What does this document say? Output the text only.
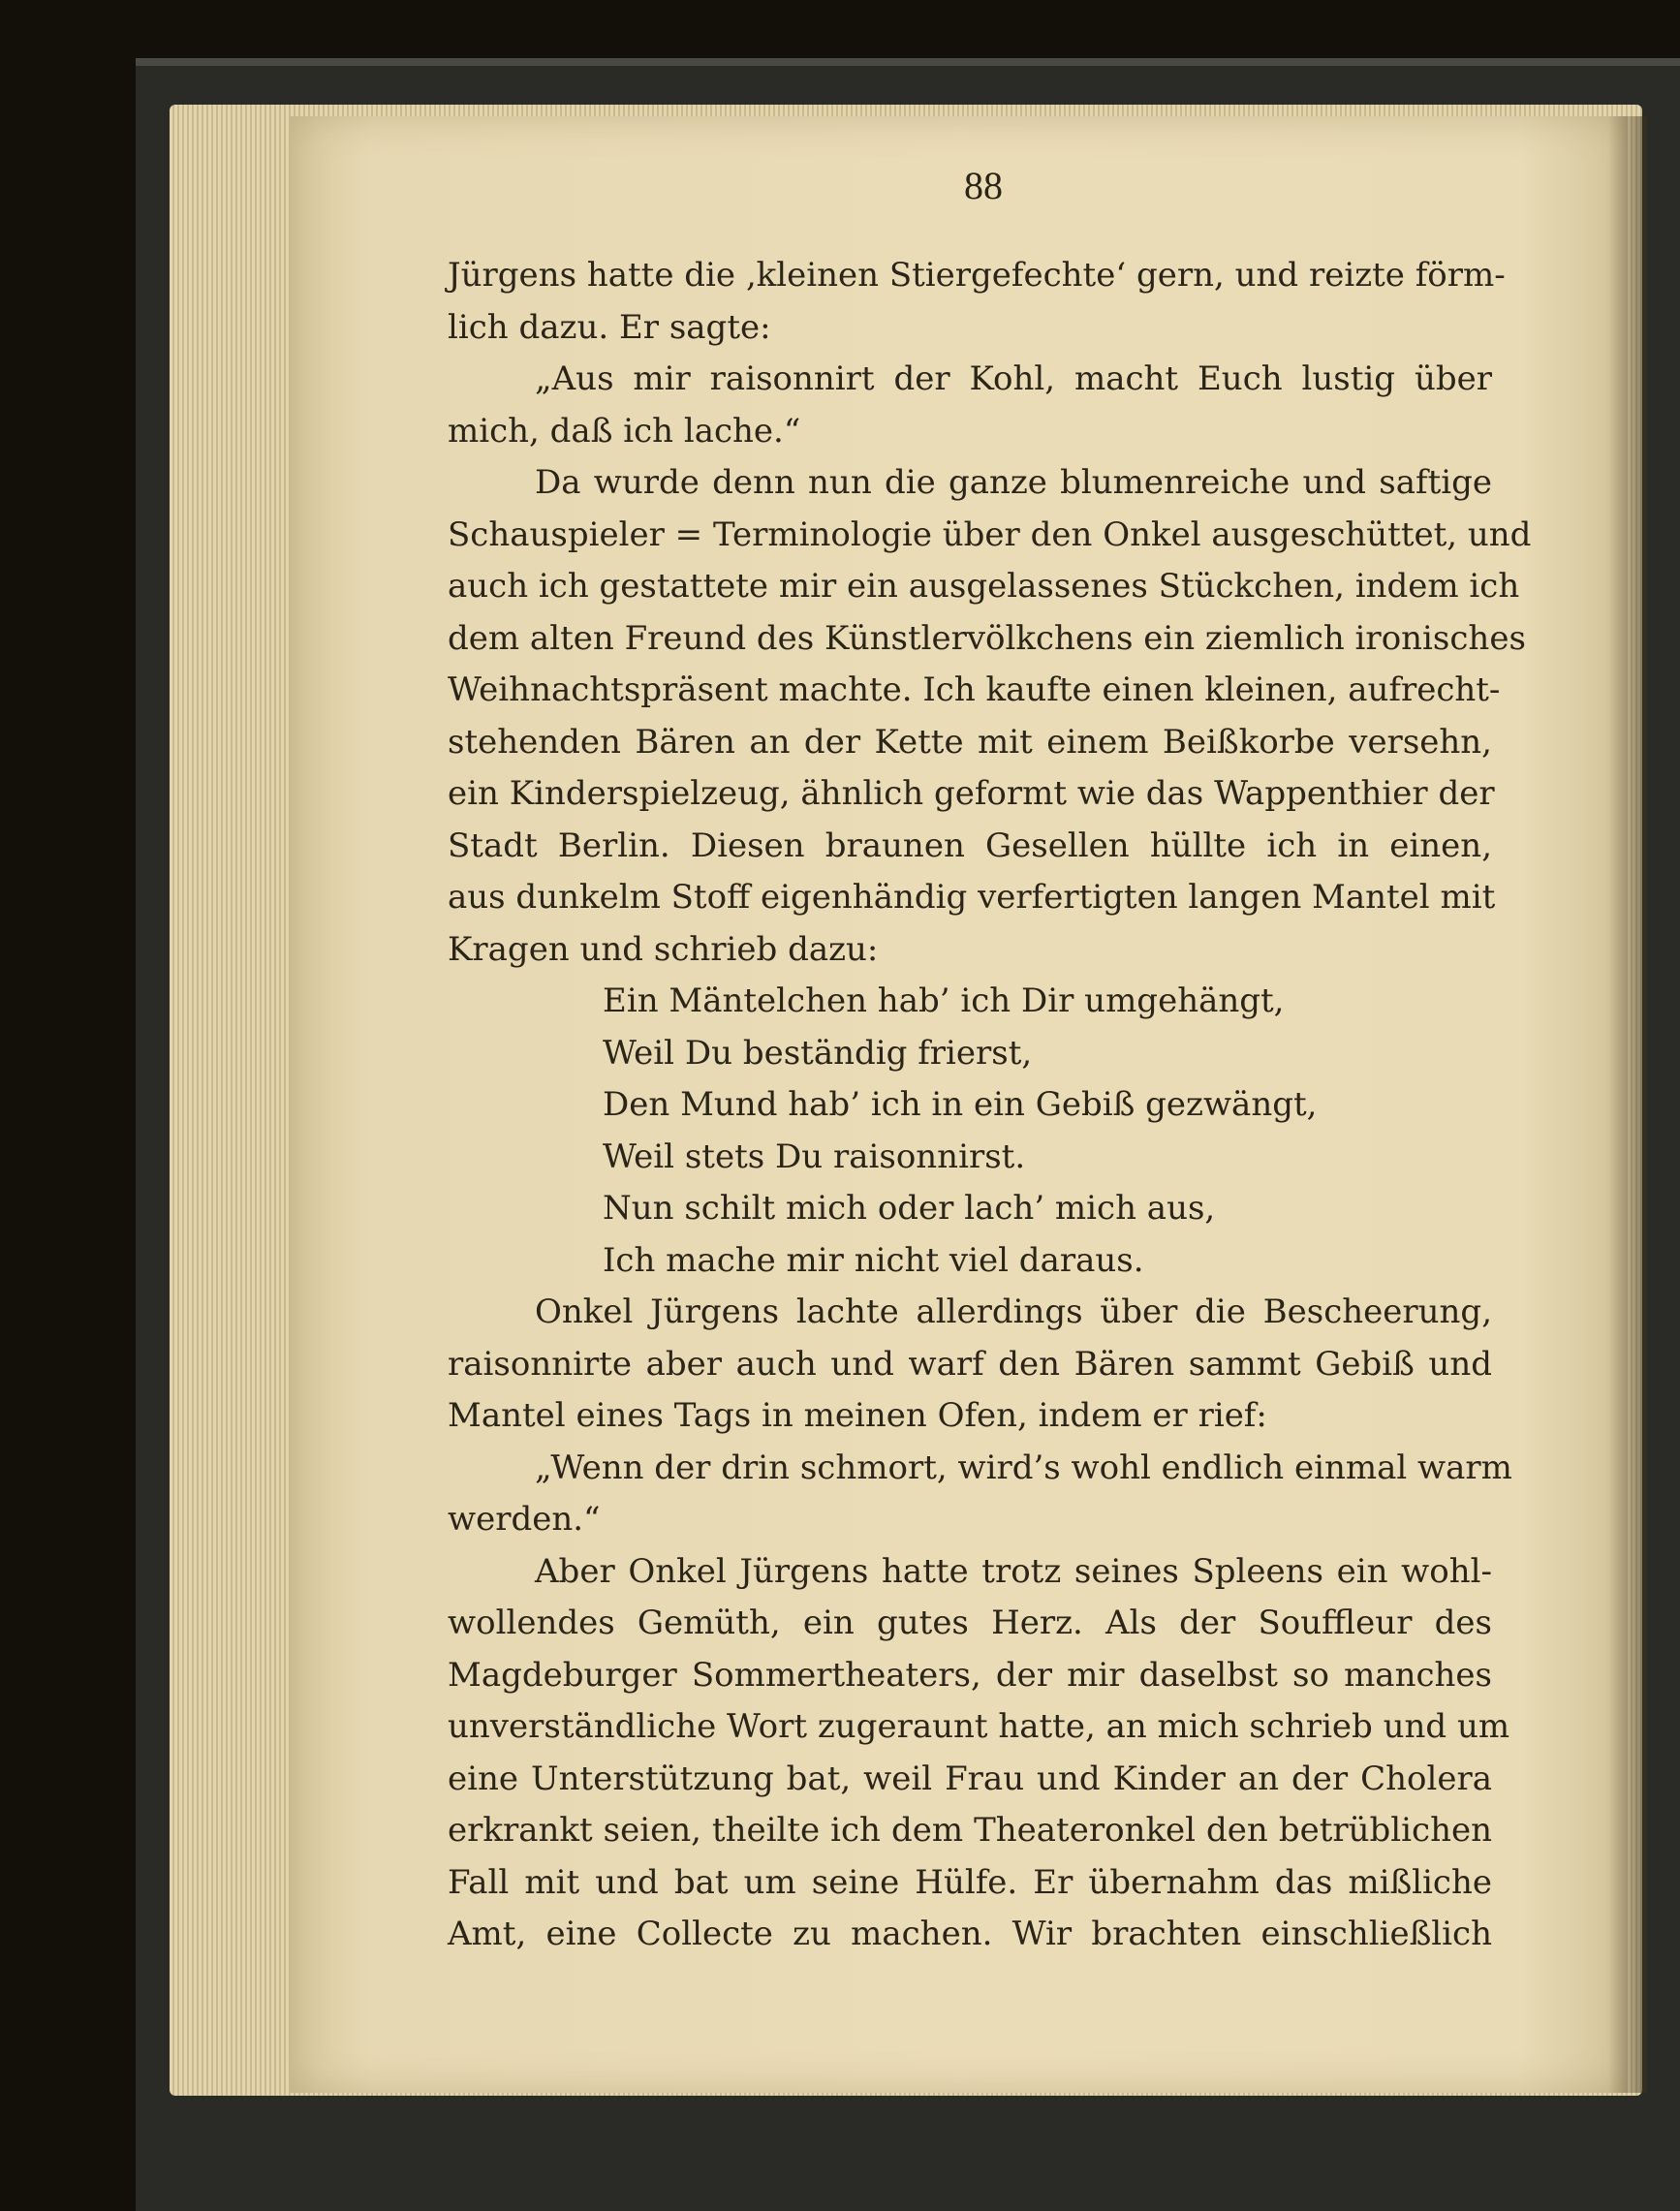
88
Jürgens hatte die ‚kleinen Stiergefechte‘ gern, und reizte förm-
lich dazu. Er sagte:
„Aus mir raisonnirt der Kohl, macht Euch lustig über
mich, daß ich lache.“
Da wurde denn nun die ganze blumenreiche und saftige
Schauspieler = Terminologie über den Onkel ausgeschüttet, und
auch ich gestattete mir ein ausgelassenes Stückchen, indem ich
dem alten Freund des Künstlervölkchens ein ziemlich ironisches
Weihnachtspräsent machte. Ich kaufte einen kleinen, aufrecht-
stehenden Bären an der Kette mit einem Beißkorbe versehn,
ein Kinderspielzeug, ähnlich geformt wie das Wappenthier der
Stadt Berlin. Diesen braunen Gesellen hüllte ich in einen,
aus dunkelm Stoff eigenhändig verfertigten langen Mantel mit
Kragen und schrieb dazu:
Ein Mäntelchen hab’ ich Dir umgehängt,
Weil Du beständig frierst,
Den Mund hab’ ich in ein Gebiß gezwängt,
Weil stets Du raisonnirst.
Nun schilt mich oder lach’ mich aus,
Ich mache mir nicht viel daraus.
Onkel Jürgens lachte allerdings über die Bescheerung,
raisonnirte aber auch und warf den Bären sammt Gebiß und
Mantel eines Tags in meinen Ofen, indem er rief:
„Wenn der drin schmort, wird’s wohl endlich einmal warm
werden.“
Aber Onkel Jürgens hatte trotz seines Spleens ein wohl-
wollendes Gemüth, ein gutes Herz. Als der Souffleur des
Magdeburger Sommertheaters, der mir daselbst so manches
unverständliche Wort zugeraunt hatte, an mich schrieb und um
eine Unterstützung bat, weil Frau und Kinder an der Cholera
erkrankt seien, theilte ich dem Theateronkel den betrüblichen
Fall mit und bat um seine Hülfe. Er übernahm das mißliche
Amt, eine Collecte zu machen. Wir brachten einschließlich
